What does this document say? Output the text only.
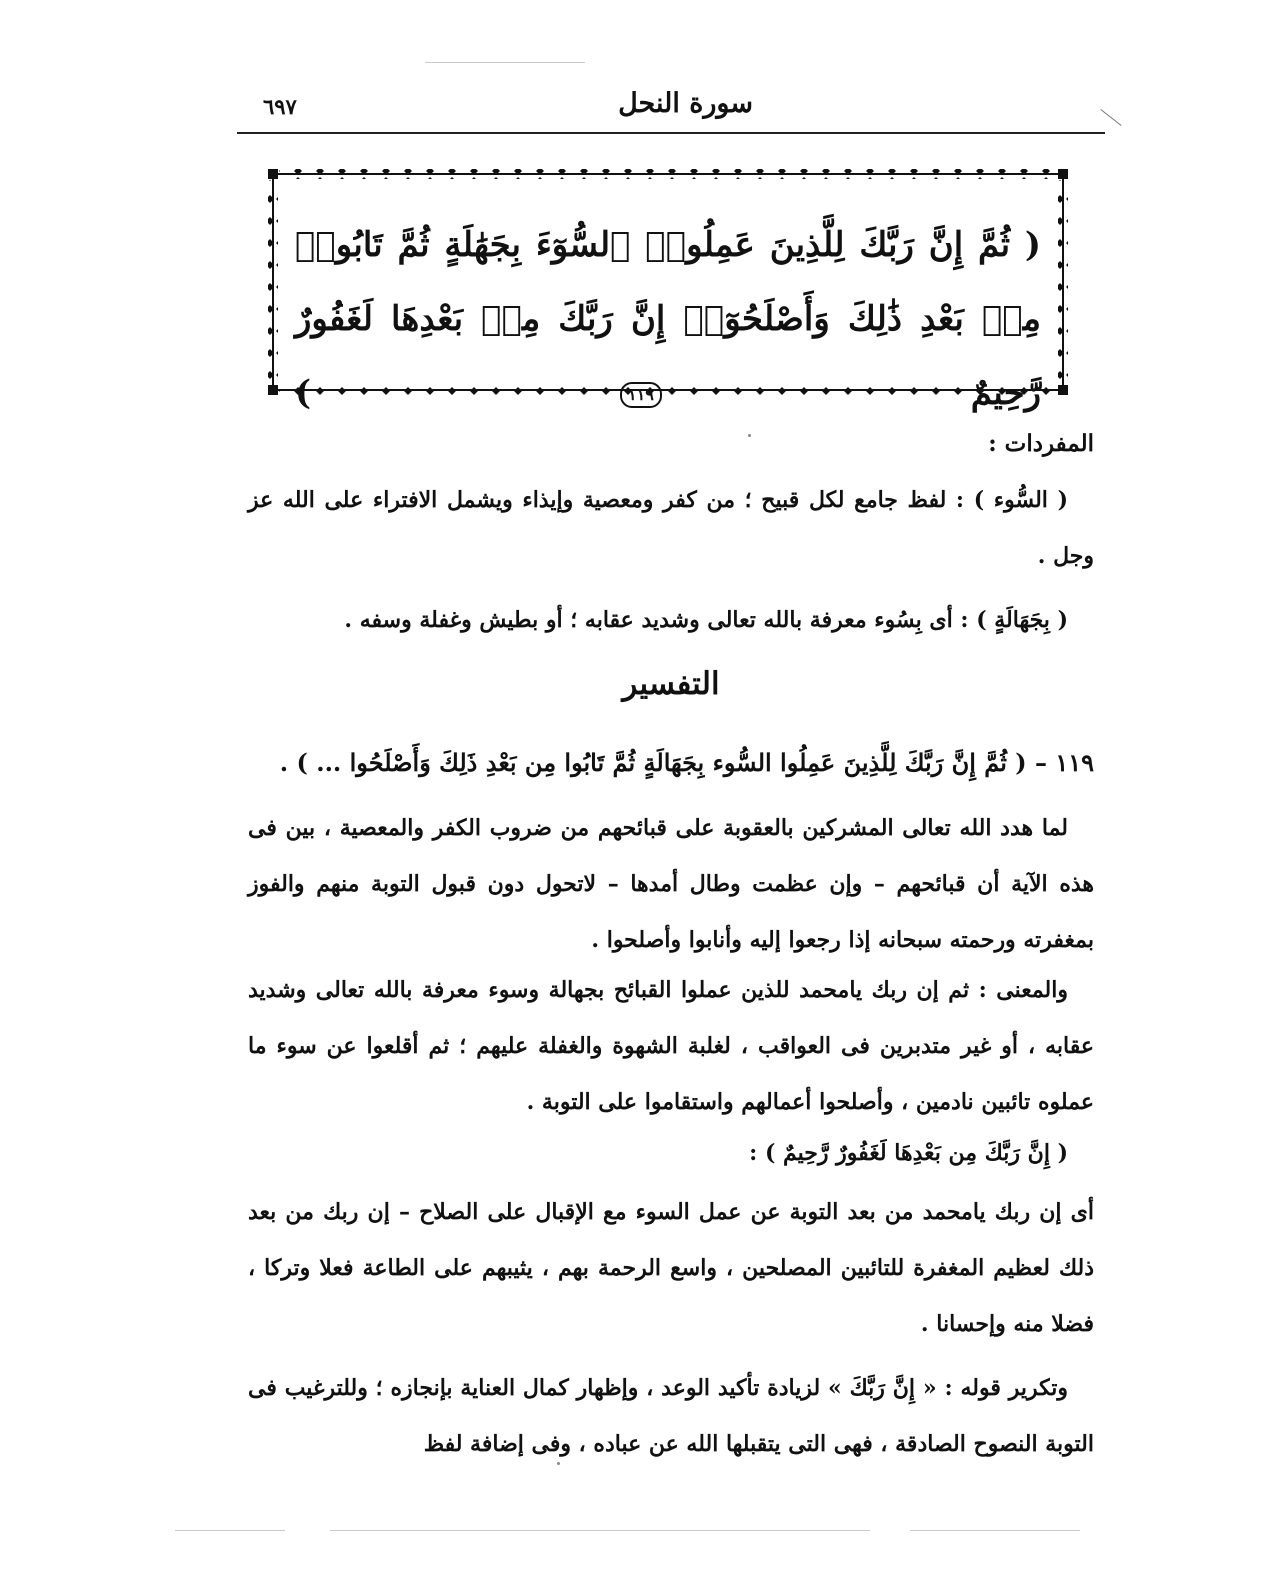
سورة النحل
٦٩٧
( ثُمَّ إِنَّ رَبَّكَ لِلَّذِينَ عَمِلُوا۟ ٱلسُّوٓءَ بِجَهَٰلَةٍ ثُمَّ تَابُوا۟ مِنۢ بَعْدِ ذَٰلِكَ وَأَصْلَحُوٓا۟ إِنَّ رَبَّكَ مِنۢ بَعْدِهَا لَغَفُورٌ رَّحِيمٌ ١١٩ )
المفردات :
( السُّوء ) : لفظ جامع لكل قبيح ؛ من كفر ومعصية وإيذاء ويشمل الافتراء على الله عز وجل .
( بِجَهَالَةٍ ) : أى بِسُوء معرفة بالله تعالى وشديد عقابه ؛ أو بطيش وغفلة وسفه .
التفسير
١١٩ – ( ثُمَّ إِنَّ رَبَّكَ لِلَّذِينَ عَمِلُوا السُّوء بِجَهَالَةٍ ثُمَّ تَابُوا مِن بَعْدِ ذَلِكَ وَأَصْلَحُوا ... ) .
لما هدد الله تعالى المشركين بالعقوبة على قبائحهم من ضروب الكفر والمعصية ، بين فى هذه الآية أن قبائحهم – وإن عظمت وطال أمدها – لاتحول دون قبول التوبة منهم والفوز بمغفرته ورحمته سبحانه إذا رجعوا إليه وأنابوا وأصلحوا .
والمعنى : ثم إن ربك يامحمد للذين عملوا القبائح بجهالة وسوء معرفة بالله تعالى وشديد عقابه ، أو غير متدبرين فى العواقب ، لغلبة الشهوة والغفلة عليهم ؛ ثم أقلعوا عن سوء ما عملوه تائبين نادمين ، وأصلحوا أعمالهم واستقاموا على التوبة .
( إِنَّ رَبَّكَ مِن بَعْدِهَا لَغَفُورٌ رَّحِيمٌ ) :
أى إن ربك يامحمد من بعد التوبة عن عمل السوء مع الإقبال على الصلاح – إن ربك من بعد ذلك لعظيم المغفرة للتائبين المصلحين ، واسع الرحمة بهم ، يثيبهم على الطاعة فعلا وتركا ، فضلا منه وإحسانا .
وتكرير قوله : « إِنَّ رَبَّكَ » لزيادة تأكيد الوعد ، وإظهار كمال العناية بإنجازه ؛ وللترغيب فى التوبة النصوح الصادقة ، فهى التى يتقبلها الله عن عباده ، وفى إضافة لفظ
